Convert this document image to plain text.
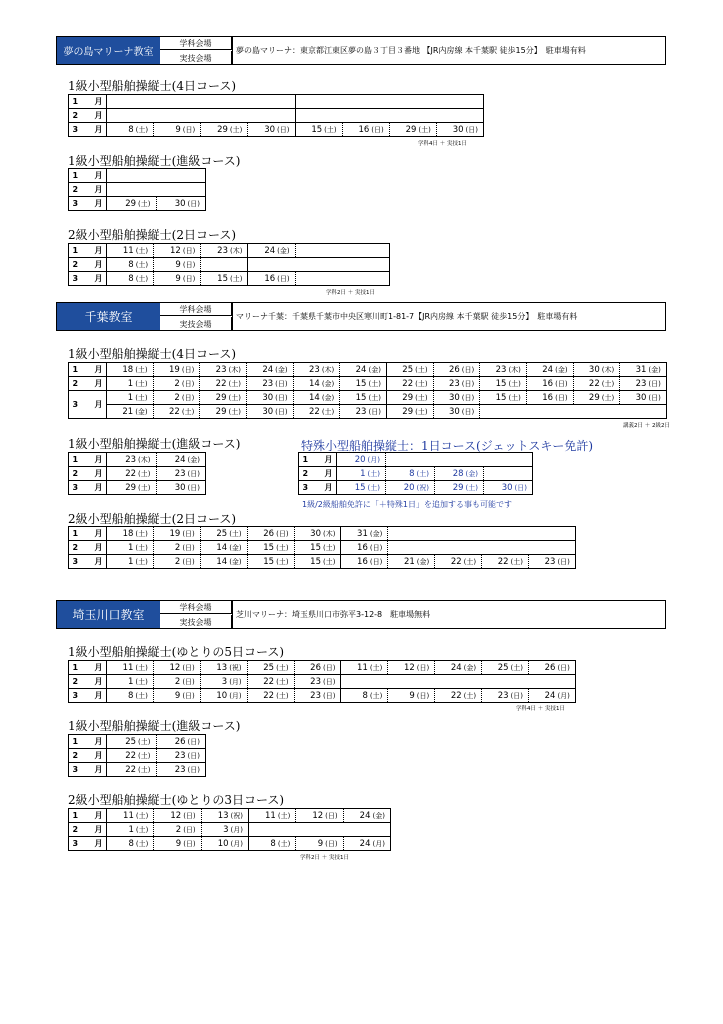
夢の島マリーナ教室
学科会場
実技会場
夢の島マリーナ：東京都江東区夢の島３丁目３番地 【JR内房線 本千葉駅 徒歩15分】　駐車場有料
1級小型船舶操縦士(4日コース)
1 月								
2 月								
3 月	8 (土)	9 (日)	29 (土)	30 (日)	15 (土)	16 (日)	29 (土)	30 (日)
学科4日 ＋ 実技1日
1級小型船舶操縦士(進級コース)
1 月		
2 月		
3 月	29 (土)	30 (日)
2級小型船舶操縦士(2日コース)
1 月	11 (土)	12 (日)	23 (木)	24 (金)		
2 月	8 (土)	9 (日)				
3 月	8 (土)	9 (日)	15 (土)	16 (日)		
学科2日 ＋ 実技1日
千葉教室
学科会場
実技会場
マリーナ千葉：千葉県千葉市中央区寒川町1-81-7【JR内房線 本千葉駅 徒歩15分】　駐車場有料
1級小型船舶操縦士(4日コース)
1 月	18 (土)	19 (日)	23 (木)	24 (金)	23 (木)	24 (金)	25 (土)	26 (日)	23 (木)	24 (金)	30 (木)	31 (金)
2 月	1 (土)	2 (日)	22 (土)	23 (日)	14 (金)	15 (土)	22 (土)	23 (日)	15 (土)	16 (日)	22 (土)	23 (日)
3 月	1 (土)	2 (日)	29 (土)	30 (日)	14 (金)	15 (土)	29 (土)	30 (日)	15 (土)	16 (日)	29 (土)	30 (日)
	21 (金)	22 (土)	29 (土)	30 (日)	22 (土)	23 (日)	29 (土)	30 (日)				
講義2日 ＋ 2級2日
1級小型船舶操縦士(進級コース)
1 月	23 (木)	24 (金)
2 月	22 (土)	23 (日)
3 月	29 (土)	30 (日)
特殊小型船舶操縦士：1日コース(ジェットスキー免許)
1 月	20 (月)			
2 月	1 (土)	8 (土)	28 (金)	
3 月	15 (土)	20 (祝)	29 (土)	30 (日)
1級/2級船舶免許に「＋特殊1日」を追加する事も可能です
2級小型船舶操縦士(2日コース)
1 月	18 (土)	19 (日)	25 (土)	26 (日)	30 (木)	31 (金)				
2 月	1 (土)	2 (日)	14 (金)	15 (土)	15 (土)	16 (日)				
3 月	1 (土)	2 (日)	14 (金)	15 (土)	15 (土)	16 (日)	21 (金)	22 (土)	22 (土)	23 (日)
埼玉川口教室
学科会場
実技会場
芝川マリーナ：埼玉県川口市弥平3-12-8　駐車場無料
1級小型船舶操縦士(ゆとりの5日コース)
1 月	11 (土)	12 (日)	13 (祝)	25 (土)	26 (日)	11 (土)	12 (日)	24 (金)	25 (土)	26 (日)
2 月	1 (土)	2 (日)	3 (月)	22 (土)	23 (日)					
3 月	8 (土)	9 (日)	10 (月)	22 (土)	23 (日)	8 (土)	9 (日)	22 (土)	23 (日)	24 (月)
学科4日 ＋ 実技1日
1級小型船舶操縦士(進級コース)
1 月	25 (土)	26 (日)
2 月	22 (土)	23 (日)
3 月	22 (土)	23 (日)
2級小型船舶操縦士(ゆとりの3日コース)
1 月	11 (土)	12 (日)	13 (祝)	11 (土)	12 (日)	24 (金)
2 月	1 (土)	2 (日)	3 (月)			
3 月	8 (土)	9 (日)	10 (月)	8 (土)	9 (日)	24 (月)
学科2日 ＋ 実技1日
